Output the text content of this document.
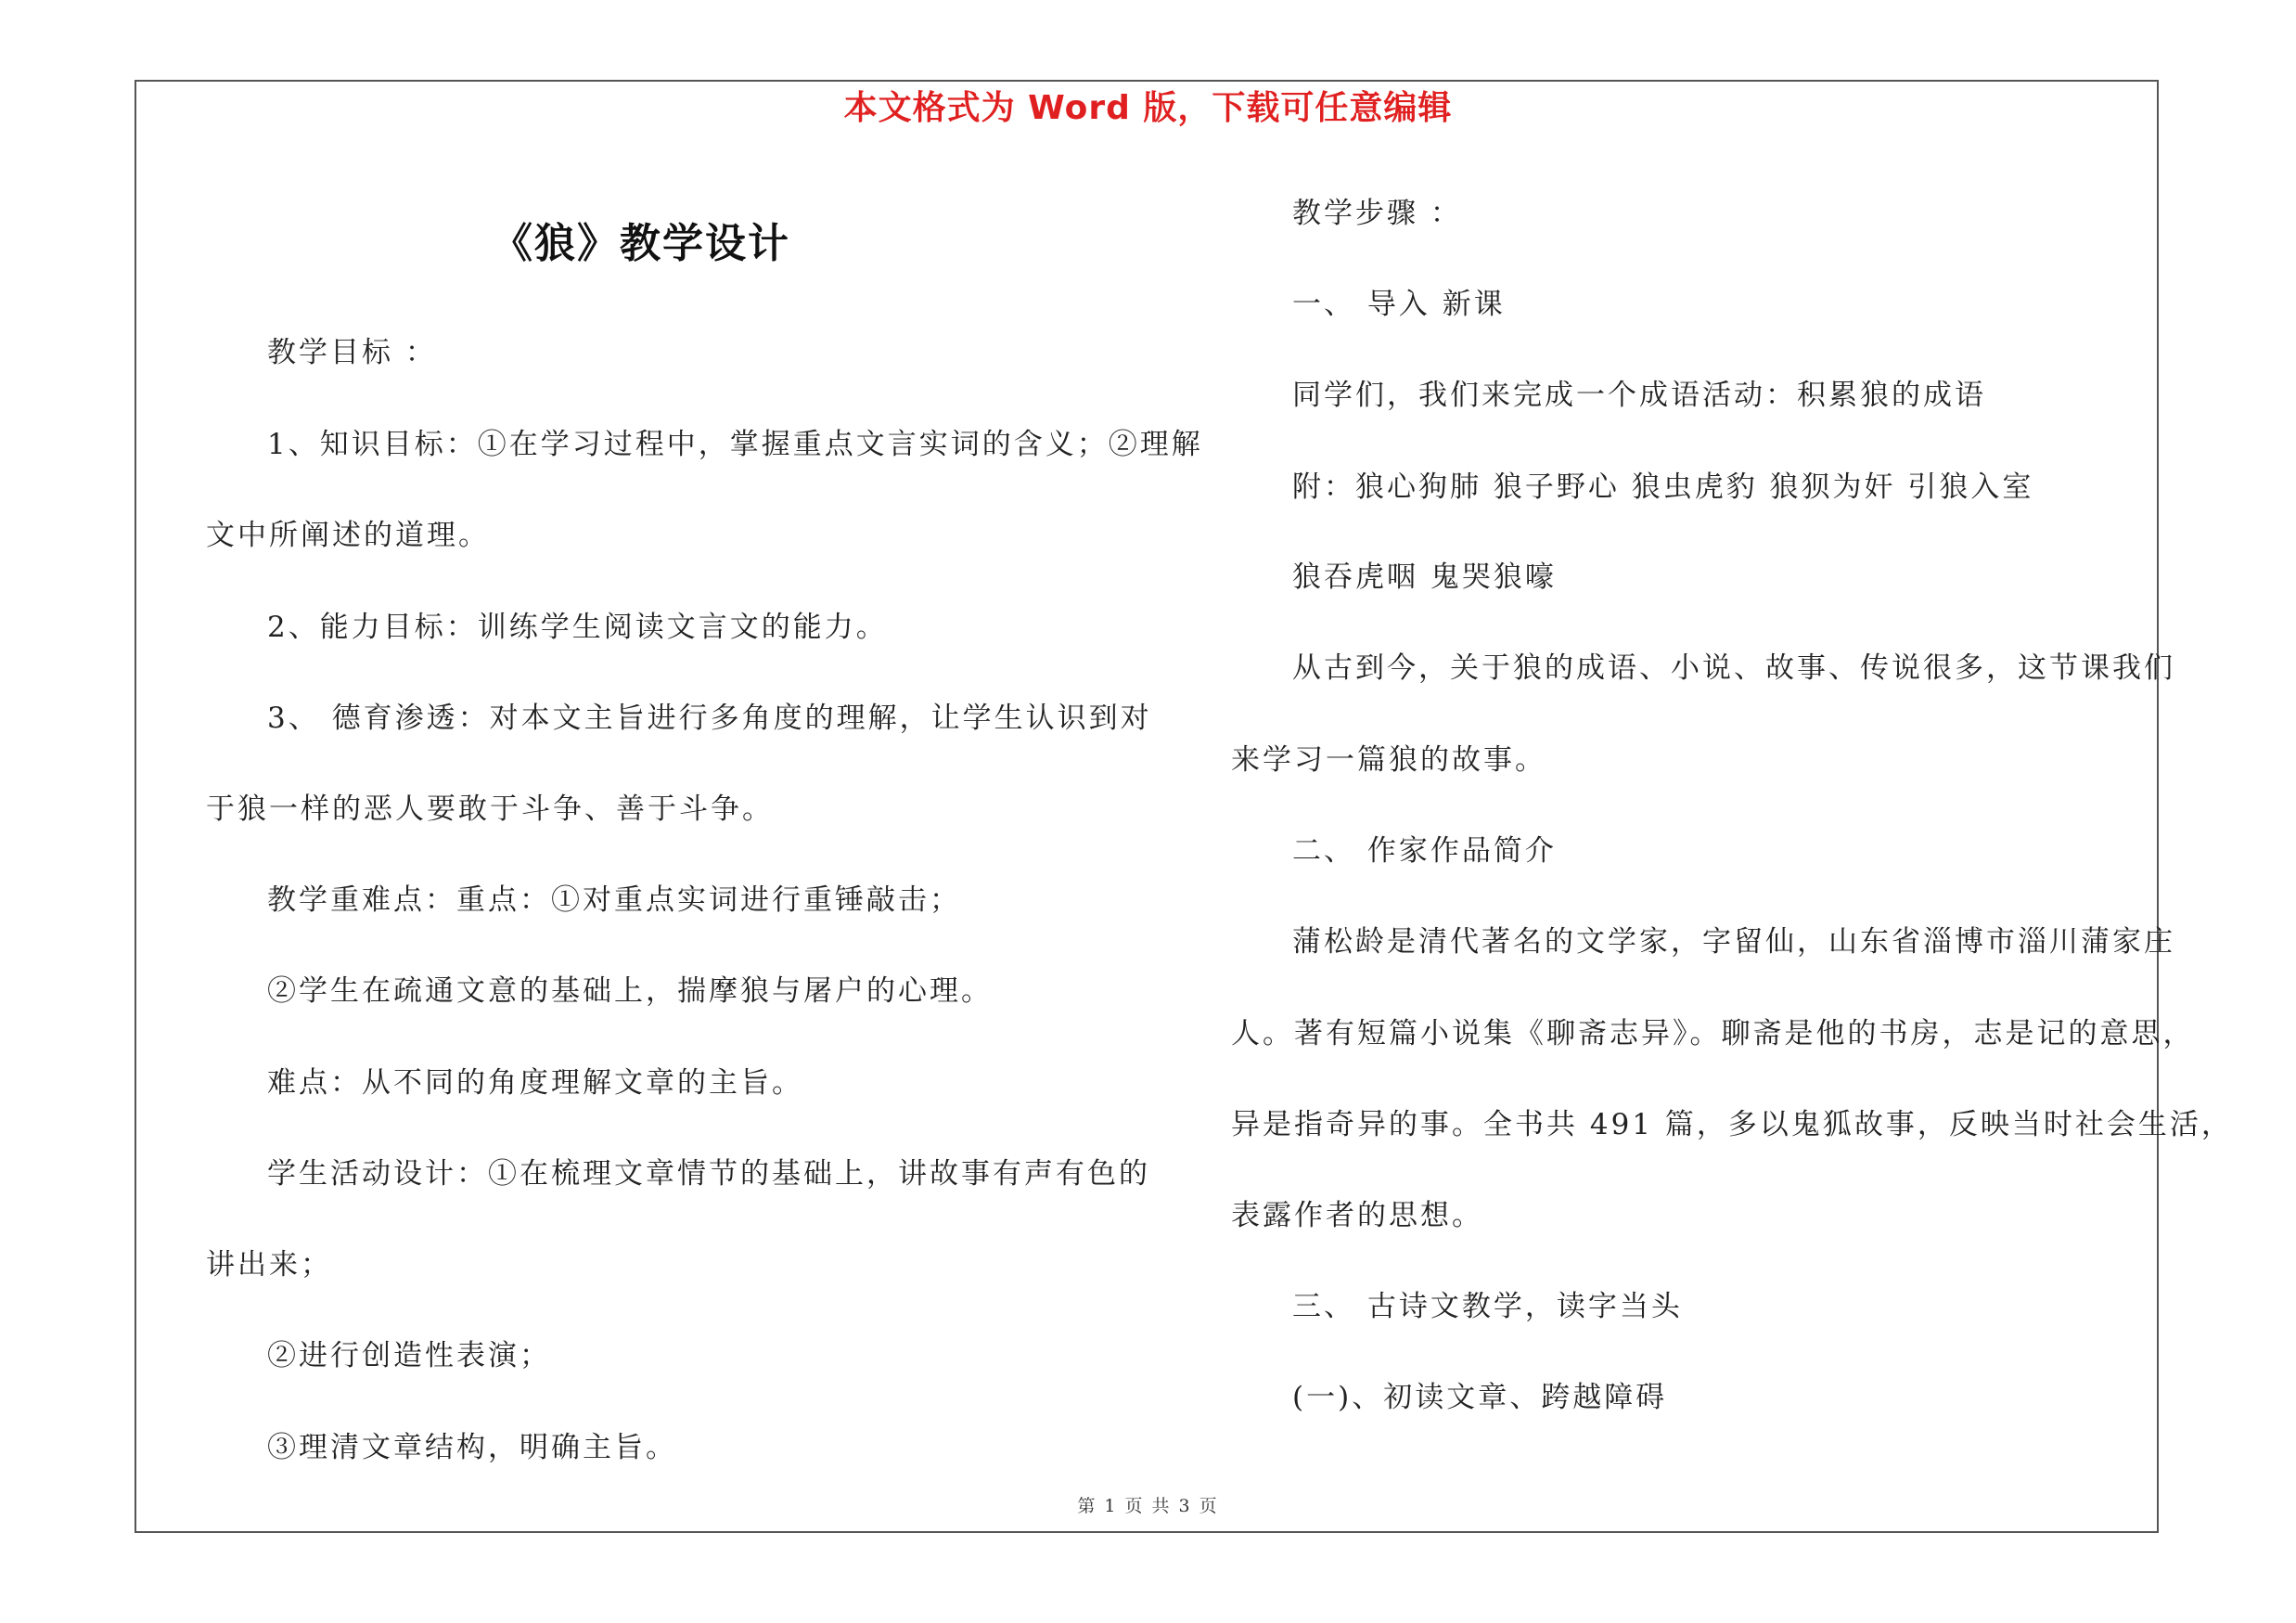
本文格式为 Word 版，下载可任意编辑
《狼》教学设计
教学目标 ：
1、知识目标：①在学习过程中，掌握重点文言实词的含义；②理解
文中所阐述的道理。
2、能力目标：训练学生阅读文言文的能力。
3、 德育渗透：对本文主旨进行多角度的理解，让学生认识到对
于狼一样的恶人要敢于斗争、善于斗争。
教学重难点：重点：①对重点实词进行重锤敲击；
②学生在疏通文意的基础上，揣摩狼与屠户的心理。
难点：从不同的角度理解文章的主旨。
学生活动设计：①在梳理文章情节的基础上，讲故事有声有色的
讲出来；
②进行创造性表演；
③理清文章结构，明确主旨。
教学步骤 ：
一、 导入 新课
同学们，我们来完成一个成语活动：积累狼的成语
附：狼心狗肺 狼子野心 狼虫虎豹 狼狈为奸 引狼入室
狼吞虎咽 鬼哭狼嚎
从古到今，关于狼的成语、小说、故事、传说很多，这节课我们
来学习一篇狼的故事。
二、 作家作品简介
蒲松龄是清代著名的文学家，字留仙，山东省淄博市淄川蒲家庄
人。著有短篇小说集《聊斋志异》。聊斋是他的书房，志是记的意思，
异是指奇异的事。全书共 491 篇，多以鬼狐故事，反映当时社会生活，
表露作者的思想。
三、 古诗文教学，读字当头
(一)、初读文章、跨越障碍
第 1 页 共 3 页
